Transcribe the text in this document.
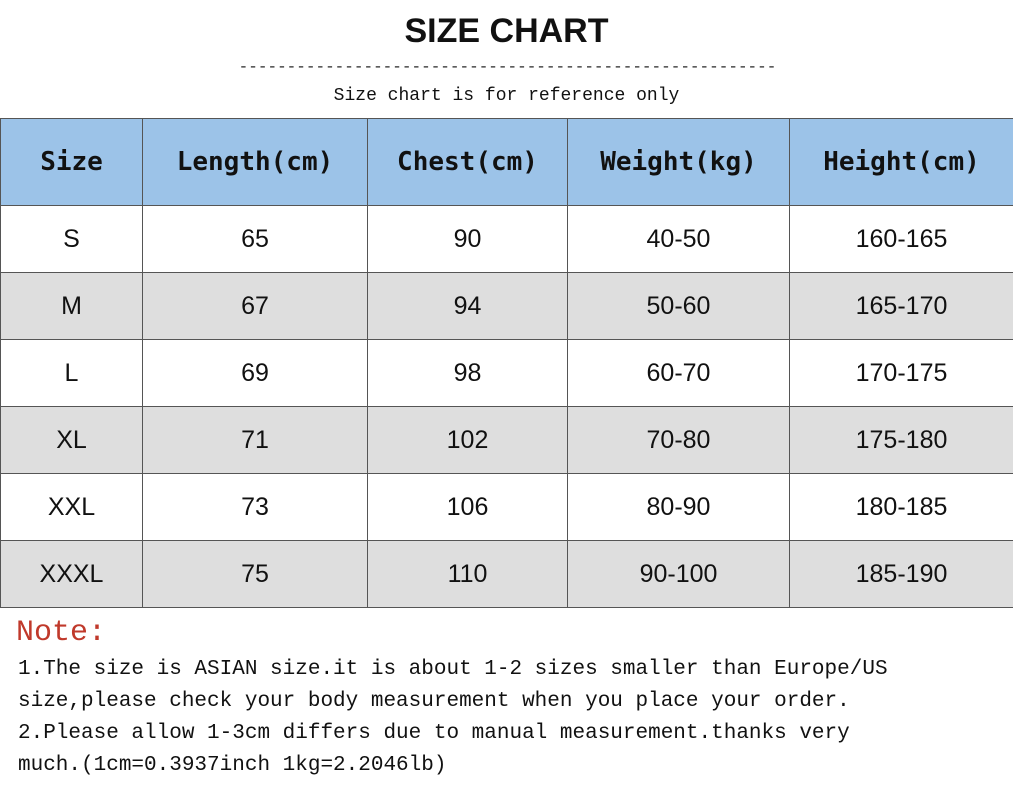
SIZE CHART
--------------------------------------------------------
Size chart is for reference only
Size	Length(cm)	Chest(cm)	Weight(kg)	Height(cm)
S	65	90	40-50	160-165
M	67	94	50-60	165-170
L	69	98	60-70	170-175
XL	71	102	70-80	175-180
XXL	73	106	80-90	180-185
XXXL	75	110	90-100	185-190
Note:
1.The size is ASIAN size.it is about 1-2 sizes smaller than Europe/US
size,please check your body measurement when you place your order.
2.Please allow 1-3cm differs due to manual measurement.thanks very
much.(1cm=0.3937inch 1kg=2.2046lb)
